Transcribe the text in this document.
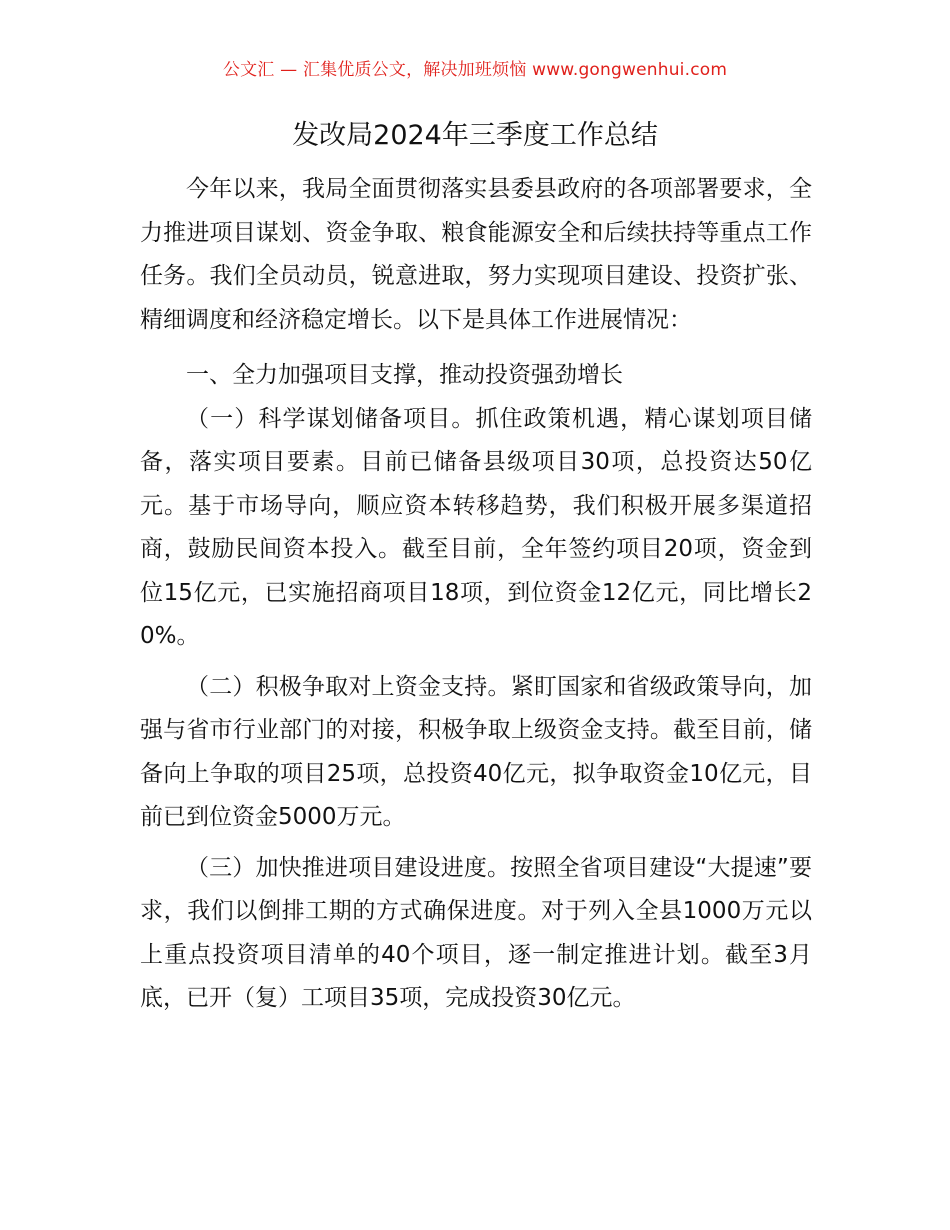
公文汇 — 汇集优质公文，解决加班烦恼 www.gongwenhui.com
发改局2024年三季度工作总结

今年以来，我局全面贯彻落实县委县政府的各项部署要求，全力推进项目谋划、资金争取、粮食能源安全和后续扶持等重点工作任务。我们全员动员，锐意进取，努力实现项目建设、投资扩张、精细调度和经济稳定增长。以下是具体工作进展情况：

一、全力加强项目支撑，推动投资强劲增长

（一）科学谋划储备项目。抓住政策机遇，精心谋划项目储备，落实项目要素。目前已储备县级项目30项，总投资达50亿元。基于市场导向，顺应资本转移趋势，我们积极开展多渠道招商，鼓励民间资本投入。截至目前，全年签约项目20项，资金到位15亿元，已实施招商项目18项，到位资金12亿元，同比增长20%。

（二）积极争取对上资金支持。紧盯国家和省级政策导向，加强与省市行业部门的对接，积极争取上级资金支持。截至目前，储备向上争取的项目25项，总投资40亿元，拟争取资金10亿元，目前已到位资金5000万元。

（三）加快推进项目建设进度。按照全省项目建设“大提速”要求，我们以倒排工期的方式确保进度。对于列入全县1000万元以上重点投资项目清单的40个项目，逐一制定推进计划。截至3月底，已开（复）工项目35项，完成投资30亿元。
